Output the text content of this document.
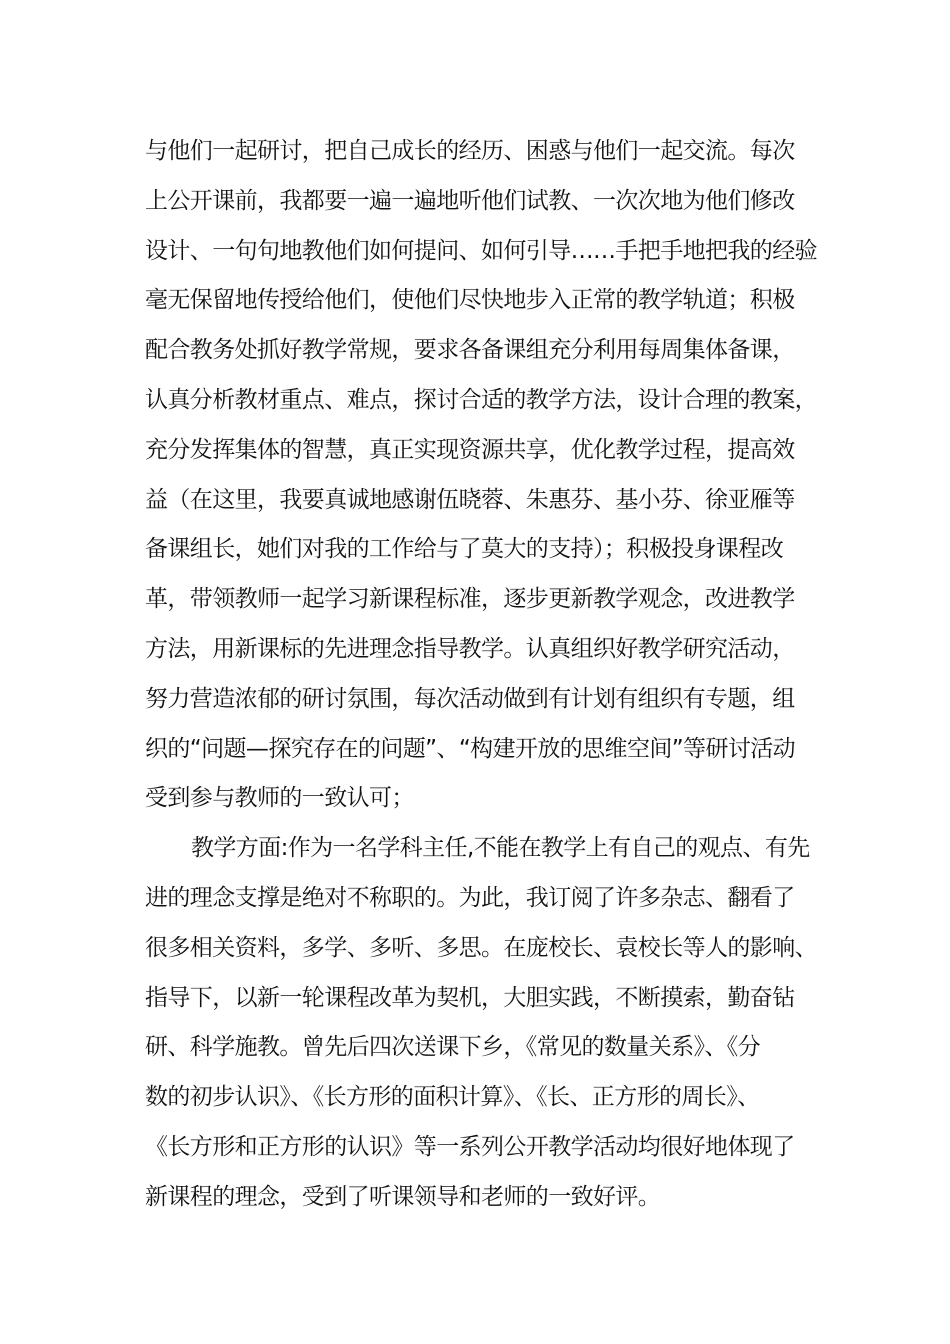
与他们一起研讨，把自己成长的经历、困惑与他们一起交流。每次
上公开课前，我都要一遍一遍地听他们试教、一次次地为他们修改
设计、一句句地教他们如何提问、如何引导……手把手地把我的经验
毫无保留地传授给他们，使他们尽快地步入正常的教学轨道；积极
配合教务处抓好教学常规，要求各备课组充分利用每周集体备课，
认真分析教材重点、难点，探讨合适的教学方法，设计合理的教案，
充分发挥集体的智慧，真正实现资源共享，优化教学过程，提高效
益（在这里，我要真诚地感谢伍晓蓉、朱惠芬、基小芬、徐亚雁等
备课组长，她们对我的工作给与了莫大的支持）；积极投身课程改
革，带领教师一起学习新课程标准，逐步更新教学观念，改进教学
方法，用新课标的先进理念指导教学。认真组织好教学研究活动，
努力营造浓郁的研讨氛围，每次活动做到有计划有组织有专题，组
织的“问题—探究存在的问题”、“构建开放的思维空间”等研讨活动
受到参与教师的一致认可；
教学方面:作为一名学科主任,不能在教学上有自己的观点、有先
进的理念支撑是绝对不称职的。为此，我订阅了许多杂志、翻看了
很多相关资料，多学、多听、多思。在庞校长、袁校长等人的影响、
指导下，以新一轮课程改革为契机，大胆实践，不断摸索，勤奋钻
研、科学施教。曾先后四次送课下乡，《常见的数量关系》、《分
数的初步认识》、《长方形的面积计算》、《长、正方形的周长》、
《长方形和正方形的认识》等一系列公开教学活动均很好地体现了
新课程的理念，受到了听课领导和老师的一致好评。
